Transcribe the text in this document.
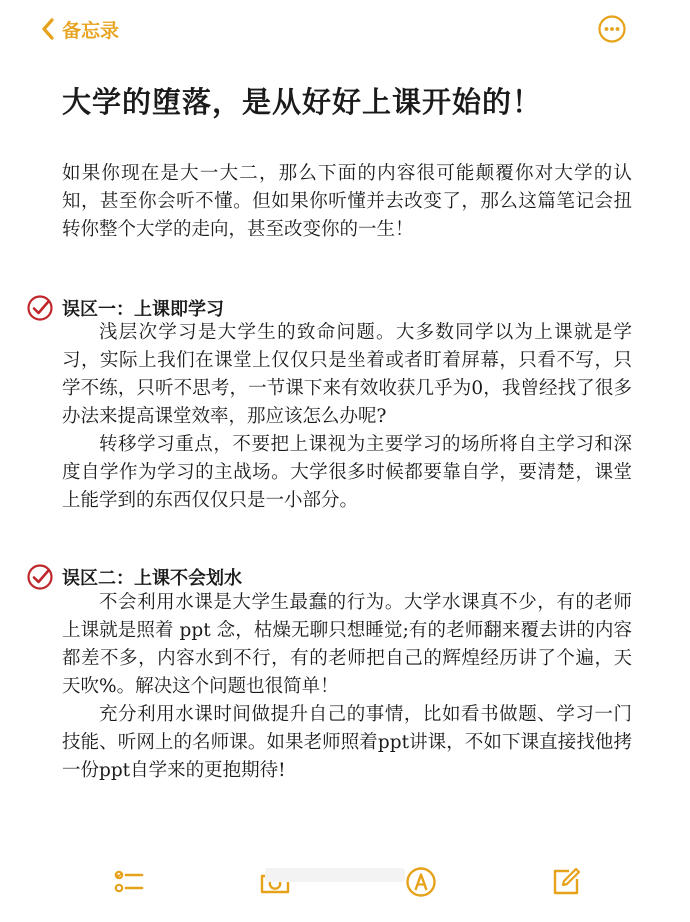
备忘录
大学的堕落，是从好好上课开始的！

如果你现在是大一大二，那么下面的内容很可能颠覆你对大学的认知，甚至你会听不懂。但如果你听懂并去改变了，那么这篇笔记会扭转你整个大学的走向，甚至改变你的一生！

误区一：上课即学习

浅层次学习是大学生的致命问题。大多数同学以为上课就是学习，实际上我们在课堂上仅仅只是坐着或者盯着屏幕，只看不写，只学不练，只听不思考，一节课下来有效收获几乎为0，我曾经找了很多办法来提高课堂效率，那应该怎么办呢?

转移学习重点，不要把上课视为主要学习的场所将自主学习和深度自学作为学习的主战场。大学很多时候都要靠自学，要清楚，课堂上能学到的东西仅仅只是一小部分。

误区二：上课不会划水

不会利用水课是大学生最蠢的行为。大学水课真不少，有的老师上课就是照着 ppt 念，枯燥无聊只想睡觉;有的老师翻来覆去讲的内容都差不多，内容水到不行，有的老师把自己的辉煌经历讲了个遍，天天吹%。解决这个问题也很简单！

充分利用水课时间做提升自己的事情，比如看书做题、学习一门技能、听网上的名师课。如果老师照着ppt讲课，不如下课直接找他拷一份ppt自学来的更抱期待!
